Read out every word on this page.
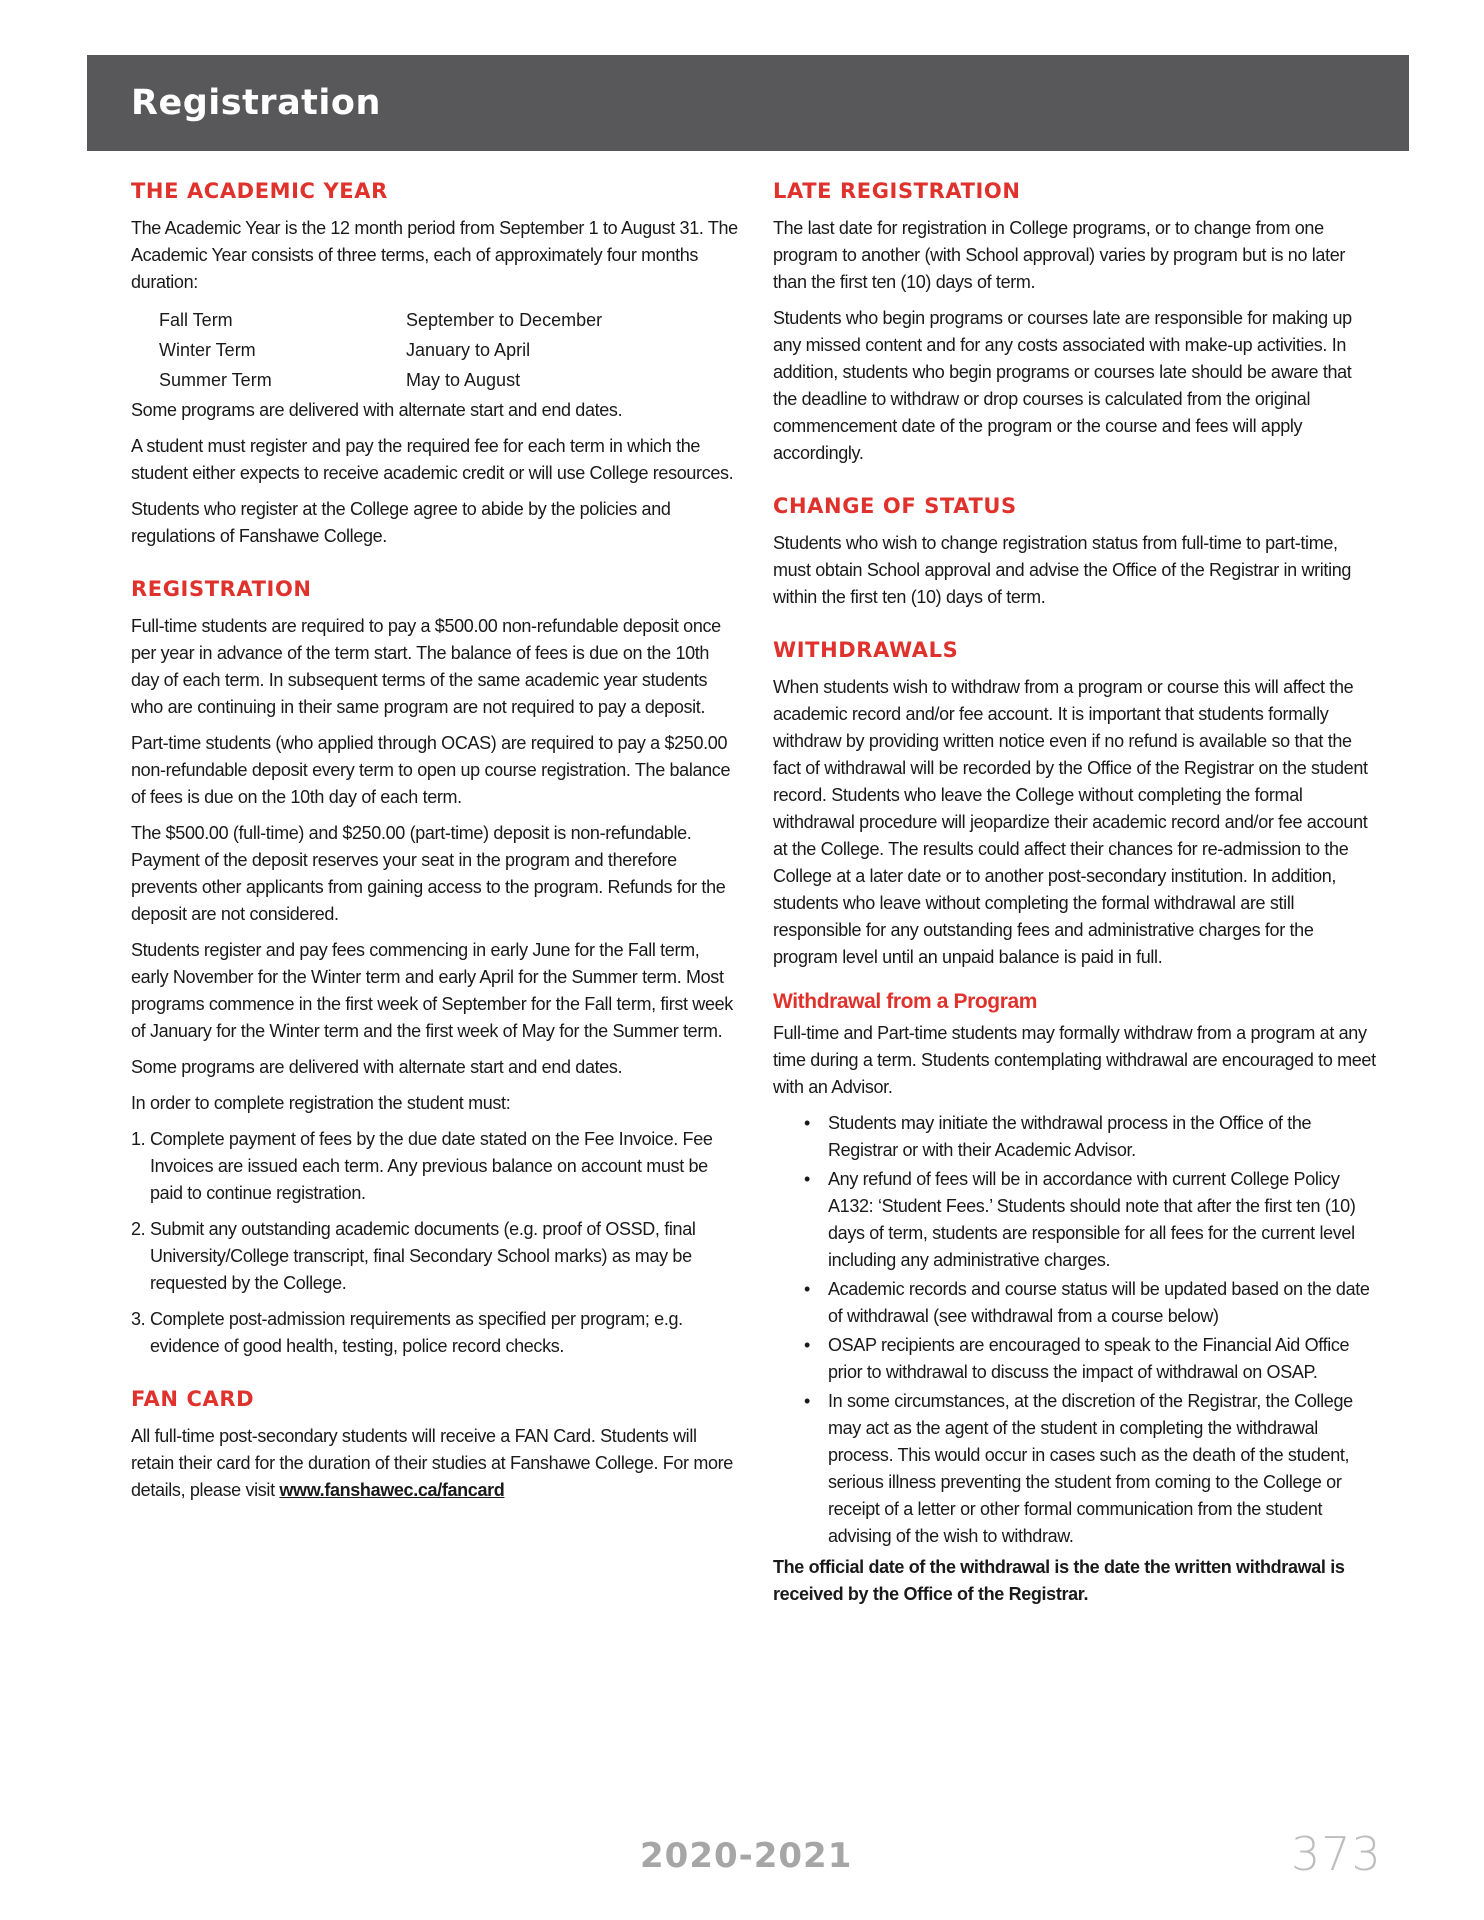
Registration
THE ACADEMIC YEAR

The Academic Year is the 12 month period from September 1 to August 31. The Academic Year consists of three terms, each of approximately four months duration:

Fall Term	September to December
Winter Term	January to April
Summer Term	May to August

Some programs are delivered with alternate start and end dates.

A student must register and pay the required fee for each term in which the student either expects to receive academic credit or will use College resources.

Students who register at the College agree to abide by the policies and regulations of Fanshawe College.

REGISTRATION

Full-time students are required to pay a $500.00 non-refundable deposit once per year in advance of the term start. The balance of fees is due on the 10th day of each term. In subsequent terms of the same academic year students who are continuing in their same program are not required to pay a deposit.

Part-time students (who applied through OCAS) are required to pay a $250.00 non-refundable deposit every term to open up course registration. The balance of fees is due on the 10th day of each term.

The $500.00 (full-time) and $250.00 (part-time) deposit is non-refundable. Payment of the deposit reserves your seat in the program and therefore prevents other applicants from gaining access to the program. Refunds for the deposit are not considered.

Students register and pay fees commencing in early June for the Fall term, early November for the Winter term and early April for the Summer term. Most programs commence in the first week of September for the Fall term, first week of January for the Winter term and the first week of May for the Summer term.

Some programs are delivered with alternate start and end dates.

In order to complete registration the student must:

1. Complete payment of fees by the due date stated on the Fee Invoice. Fee Invoices are issued each term. Any previous balance on account must be paid to continue registration.
2. Submit any outstanding academic documents (e.g. proof of OSSD, final University/College transcript, final Secondary School marks) as may be requested by the College.
3. Complete post-admission requirements as specified per program; e.g. evidence of good health, testing, police record checks.
FAN CARD

All full-time post-secondary students will receive a FAN Card. Students will retain their card for the duration of their studies at Fanshawe College. For more details, please visit www.fanshawec.ca/fancard

LATE REGISTRATION

The last date for registration in College programs, or to change from one program to another (with School approval) varies by program but is no later than the first ten (10) days of term.

Students who begin programs or courses late are responsible for making up any missed content and for any costs associated with make-up activities. In addition, students who begin programs or courses late should be aware that the deadline to withdraw or drop courses is calculated from the original commencement date of the program or the course and fees will apply accordingly.

CHANGE OF STATUS

Students who wish to change registration status from full-time to part-time, must obtain School approval and advise the Office of the Registrar in writing within the first ten (10) days of term.

WITHDRAWALS

When students wish to withdraw from a program or course this will affect the academic record and/or fee account. It is important that students formally withdraw by providing written notice even if no refund is available so that the fact of withdrawal will be recorded by the Office of the Registrar on the student record. Students who leave the College without completing the formal withdrawal procedure will jeopardize their academic record and/or fee account at the College. The results could affect their chances for re-admission to the College at a later date or to another post-secondary institution. In addition, students who leave without completing the formal withdrawal are still responsible for any outstanding fees and administrative charges for the program level until an unpaid balance is paid in full.

Withdrawal from a Program

Full-time and Part-time students may formally withdraw from a program at any time during a term. Students contemplating withdrawal are encouraged to meet with an Advisor.

•	Students may initiate the withdrawal process in the Office of the Registrar or with their Academic Advisor.
•	Any refund of fees will be in accordance with current College Policy A132: ‘Student Fees.’ Students should note that after the first ten (10) days of term, students are responsible for all fees for the current level including any administrative charges.
•	Academic records and course status will be updated based on the date of withdrawal (see withdrawal from a course below)
•	OSAP recipients are encouraged to speak to the Financial Aid Office prior to withdrawal to discuss the impact of withdrawal on OSAP.
•	In some circumstances, at the discretion of the Registrar, the College may act as the agent of the student in completing the withdrawal process. This would occur in cases such as the death of the student, serious illness preventing the student from coming to the College or receipt of a letter or other formal communication from the student advising of the wish to withdraw.

The official date of the withdrawal is the date the written withdrawal is received by the Office of the Registrar.

2020-2021	373
